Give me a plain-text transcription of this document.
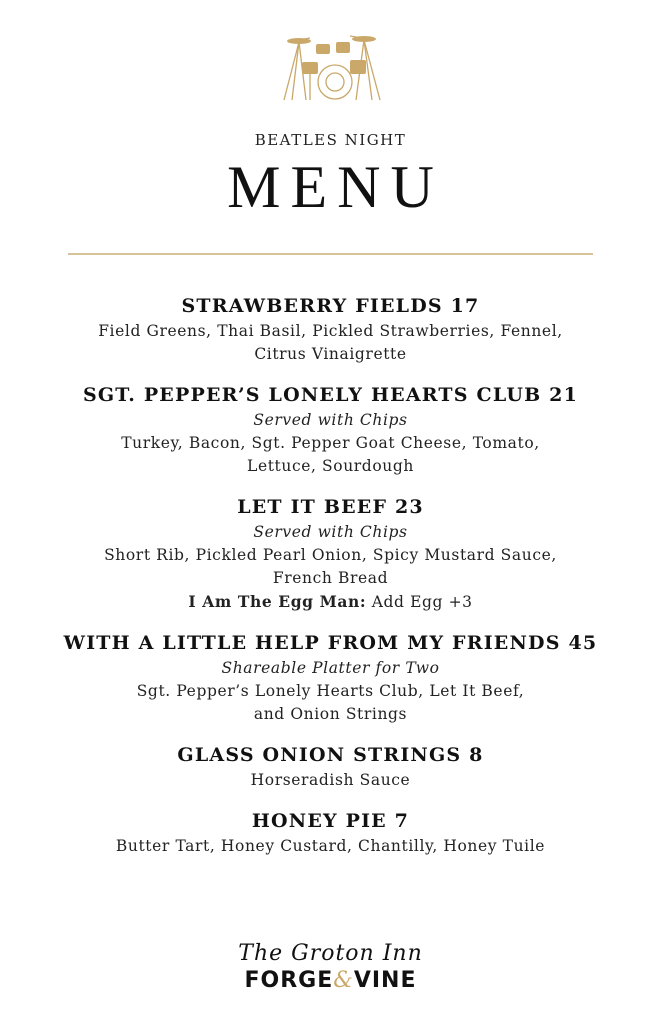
BEATLES NIGHT
MENU
STRAWBERRY FIELDS 17
Field Greens, Thai Basil, Pickled Strawberries, Fennel,
Citrus Vinaigrette
SGT. PEPPER’S LONELY HEARTS CLUB 21
Served with Chips
Turkey, Bacon, Sgt. Pepper Goat Cheese, Tomato,
Lettuce, Sourdough
LET IT BEEF 23
Served with Chips
Short Rib, Pickled Pearl Onion, Spicy Mustard Sauce,
French Bread
I Am The Egg Man: Add Egg +3
WITH A LITTLE HELP FROM MY FRIENDS 45
Shareable Platter for Two
Sgt. Pepper’s Lonely Hearts Club, Let It Beef,
and Onion Strings
GLASS ONION STRINGS 8
Horseradish Sauce
HONEY PIE 7
Butter Tart, Honey Custard, Chantilly, Honey Tuile
The Groton Inn
FORGE&VINE
